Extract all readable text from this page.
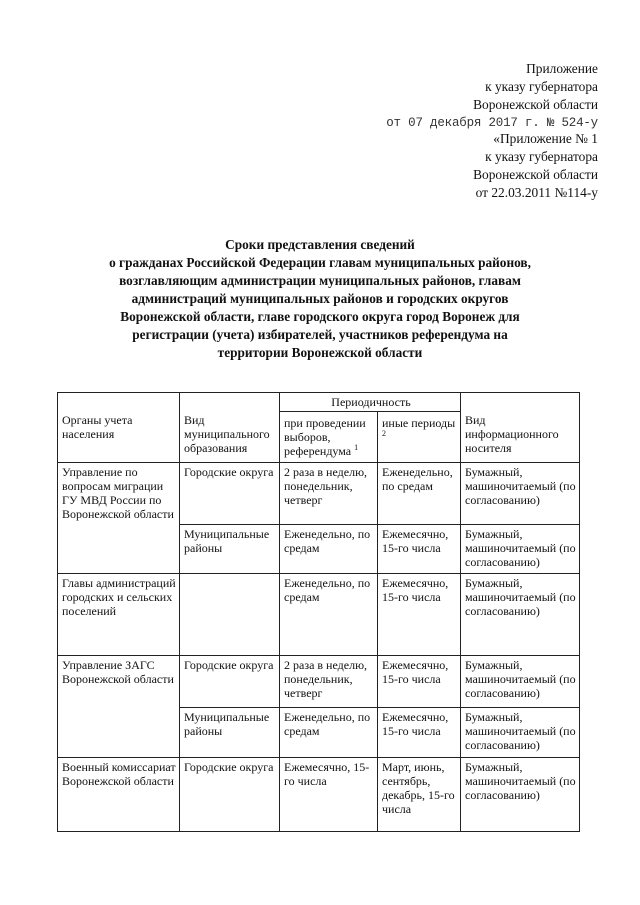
Приложение
к указу губернатора
Воронежской области
от 07 декабря 2017 г. № 524-у
«Приложение № 1
к указу губернатора
Воронежской области
от 22.03.2011 №114-у
Сроки представления сведений
о гражданах Российской Федерации главам муниципальных районов,
возглавляющим администрации муниципальных районов, главам
администраций муниципальных районов и городских округов
Воронежской области, главе городского округа город Воронеж для
регистрации (учета) избирателей, участников референдума на
территории Воронежской области
Органы учета населения	Вид муниципального образования	Периодичность		Вид информационного носителя
		при проведении выборов, референдума $^1$	иные периоды $^2$
Управление по вопросам миграции ГУ МВД России по Воронежской области	Городские округа	2 раза в неделю, понедельник, четверг	Еженедельно, по средам	Бумажный, машиночитаемый (по согласованию)
	Муниципальные районы	Еженедельно, по средам	Ежемесячно, 15-го числа	Бумажный, машиночитаемый (по согласованию)
Главы администраций городских и сельских поселений		Еженедельно, по средам	Ежемесячно, 15-го числа	Бумажный, машиночитаемый (по согласованию)
Управление ЗАГС Воронежской области	Городские округа	2 раза в неделю, понедельник, четверг	Ежемесячно, 15-го числа	Бумажный, машиночитаемый (по согласованию)
	Муниципальные районы	Еженедельно, по средам	Ежемесячно, 15-го числа	Бумажный, машиночитаемый (по согласованию)
Военный комиссариат Воронежской области	Городские округа	Ежемесячно, 15-го числа	Март, июнь, сентябрь, декабрь, 15-го числа	Бумажный, машиночитаемый (по согласованию)
